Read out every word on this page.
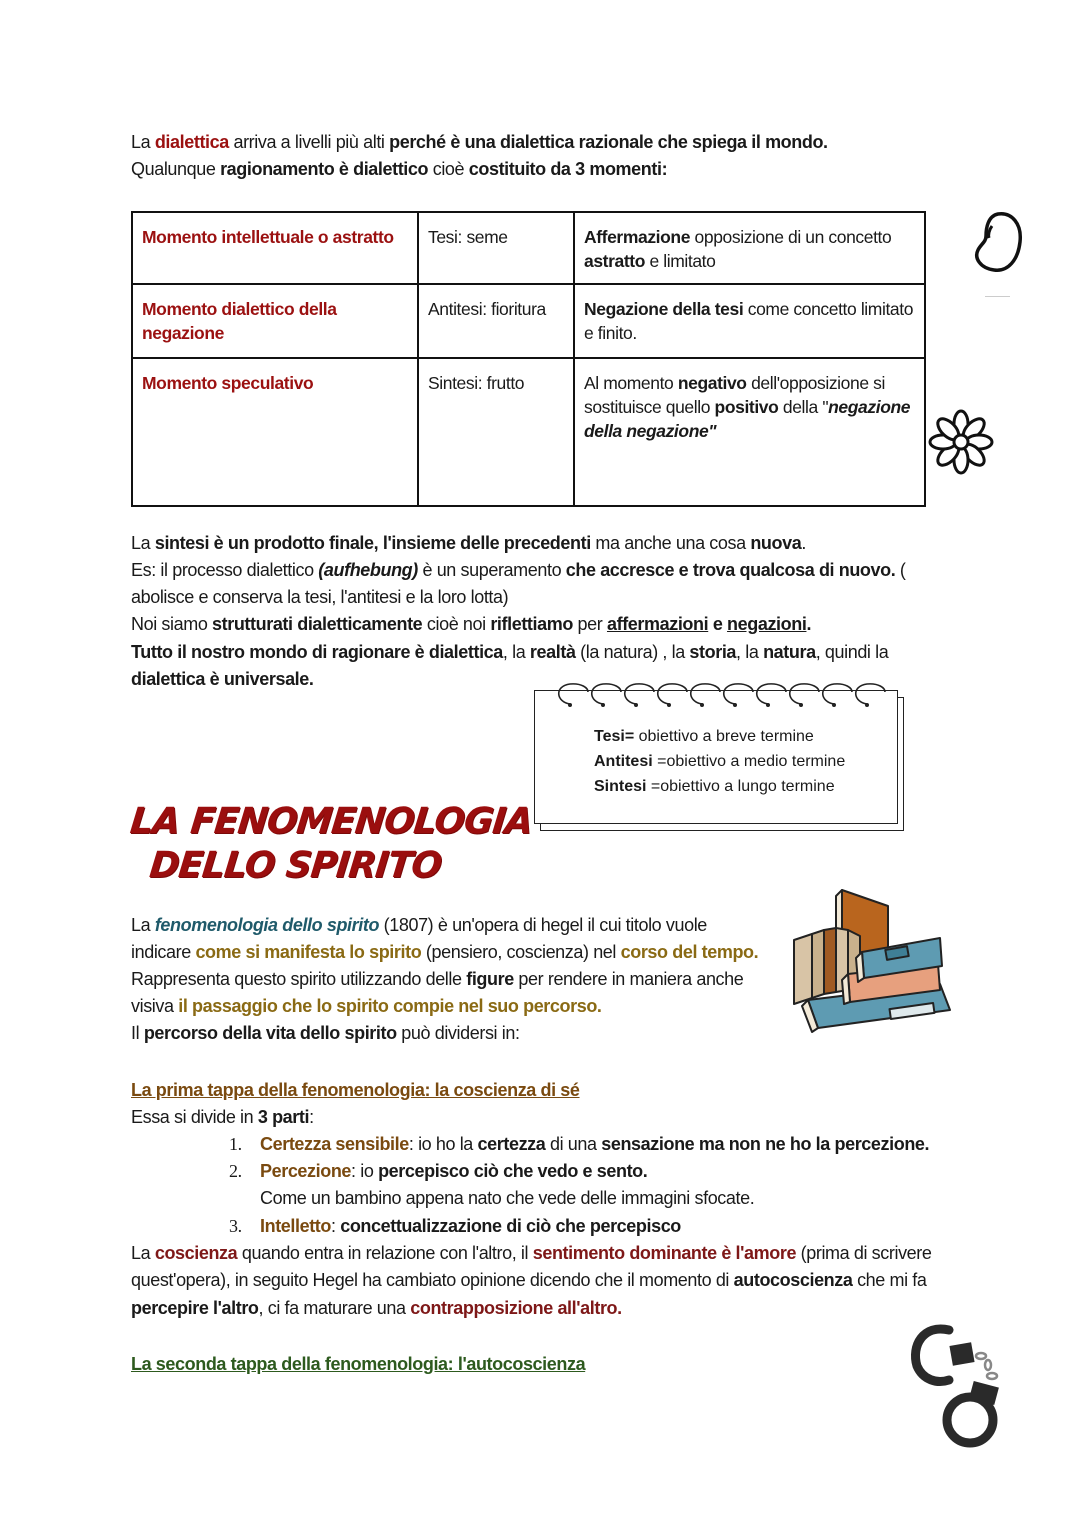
La dialettica arriva a livelli più alti perché è una dialettica razionale che spiega il mondo.
Qualunque ragionamento è dialettico cioè costituito da 3 momenti:
Momento intellettuale o astratto	Tesi: seme	Affermazione opposizione di un concetto
astratto e limitato
Momento dialettico della negazione	Antitesi: fioritura	Negazione della tesi come concetto limitato e finito.
Momento speculativo	Sintesi: frutto	Al momento negativo dell'opposizione si sostituisce quello positivo della "negazione della negazione"
La sintesi è un prodotto finale, l'insieme delle precedenti ma anche una cosa nuova.
Es: il processo dialettico (aufhebung) è un superamento che accresce e trova qualcosa di nuovo. (
abolisce e conserva la tesi, l'antitesi e la loro lotta)
Noi siamo strutturati dialetticamente cioè noi riflettiamo per affermazioni e negazioni.
Tutto il nostro mondo di ragionare è dialettica, la realtà (la natura) , la storia, la natura, quindi la
dialettica è universale.
Tesi= obiettivo a breve termine
Antitesi =obiettivo a medio termine
Sintesi =obiettivo a lungo termine
LA FENOMENOLOGIA
DELLO SPIRITO
La fenomenologia dello spirito (1807) è un'opera di hegel il cui titolo vuole
indicare come si manifesta lo spirito (pensiero, coscienza) nel corso del tempo.
Rappresenta questo spirito utilizzando delle figure per rendere in maniera anche
visiva il passaggio che lo spirito compie nel suo percorso.
Il percorso della vita dello spirito può dividersi in:
La prima tappa della fenomenologia: la coscienza di sé
Essa si divide in 3 parti:
1. Certezza sensibile: io ho la certezza di una sensazione ma non ne ho la percezione.
2. Percezione: io percepisco ciò che vedo e sento.
Come un bambino appena nato che vede delle immagini sfocate.
3. Intelletto: concettualizzazione di ciò che percepisco
La coscienza quando entra in relazione con l'altro, il sentimento dominante è l'amore (prima di scrivere
quest'opera), in seguito Hegel ha cambiato opinione dicendo che il momento di autocoscienza che mi fa
percepire l'altro, ci fa maturare una contrapposizione all'altro.
La seconda tappa della fenomenologia: l'autocoscienza
